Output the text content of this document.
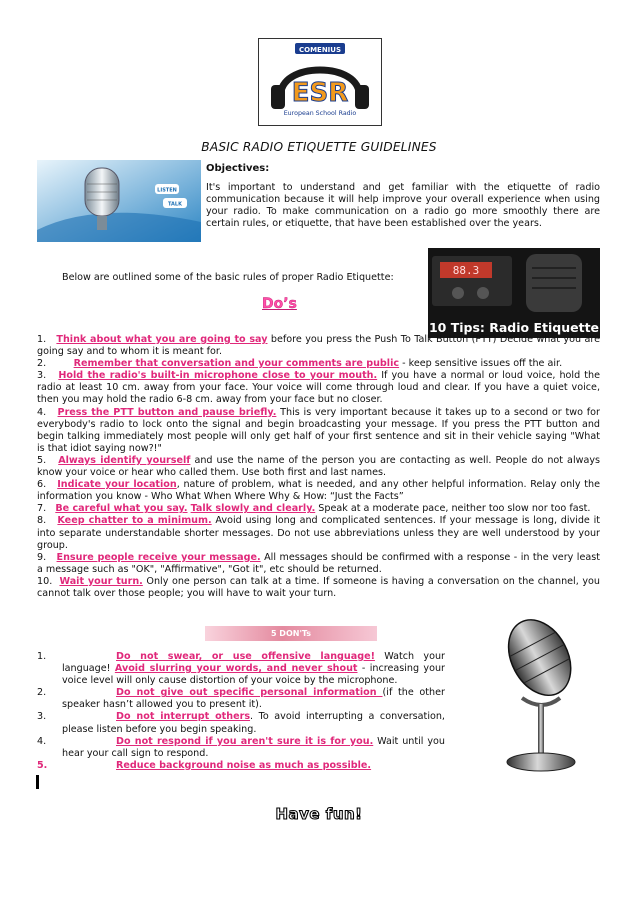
COMENIUS
ESR
European School Radio
BASIC RADIO ETIQUETTE GUIDELINES
LISTEN
TALK
Objectives:
It's important to understand and get familiar with the etiquette of radio communication because it will help improve your overall experience when using your radio. To make communication on a radio go more smoothly there are certain rules, or etiquette, that have been established over the years.
Below are outlined some of the basic rules of proper Radio Etiquette:
88.3
10 Tips: Radio Etiquette
Do’s

1. Think about what you are going to say before you press the Push To Talk Button (PTT) Decide what you are going say and to whom it is meant for.

2.	Remember that conversation and your comments are public - keep sensitive issues off the air.

3. Hold the radio's built-in microphone close to your mouth. If you have a normal or loud voice, hold the radio at least 10 cm. away from your face. Your voice will come through loud and clear. If you have a quiet voice, then you may hold the radio 6-8 cm. away from your face but no closer.

4. Press the PTT button and pause briefly. This is very important because it takes up to a second or two for everybody's radio to lock onto the signal and begin broadcasting your message. If you press the PTT button and begin talking immediately most people will only get half of your first sentence and sit in their vehicle saying "What is that idiot saying now?!"

5. Always identify yourself and use the name of the person you are contacting as well. People do not always know your voice or hear who called them. Use both first and last names.

6. Indicate your location, nature of problem, what is needed, and any other helpful information. Relay only the information you know - Who What When Where Why & How: “Just the Facts”

7. Be careful what you say. Talk slowly and clearly. Speak at a moderate pace, neither too slow nor too fast.

8. Keep chatter to a minimum. Avoid using long and complicated sentences. If your message is long, divide it into separate understandable shorter messages. Do not use abbreviations unless they are well understood by your group.

9. Ensure people receive your message. All messages should be confirmed with a response - in the very least a message such as "OK", "Affirmative", "Got it", etc should be returned.

10. Wait your turn. Only one person can talk at a time. If someone is having a conversation on the channel, you cannot talk over those people; you will have to wait your turn.

5 DON'Ts

1.	Do not swear, or use offensive language! Watch your language! Avoid slurring your words, and never shout - increasing your voice level will only cause distortion of your voice by the microphone.

2.	Do not give out specific personal information (if the other speaker hasn’t allowed you to present it).

3.	Do not interrupt others. To avoid interrupting a conversation, please listen before you begin speaking.

4.	Do not respond if you aren't sure it is for you. Wait until you hear your call sign to respond.

5.	Reduce background noise as much as possible.

Have fun!
